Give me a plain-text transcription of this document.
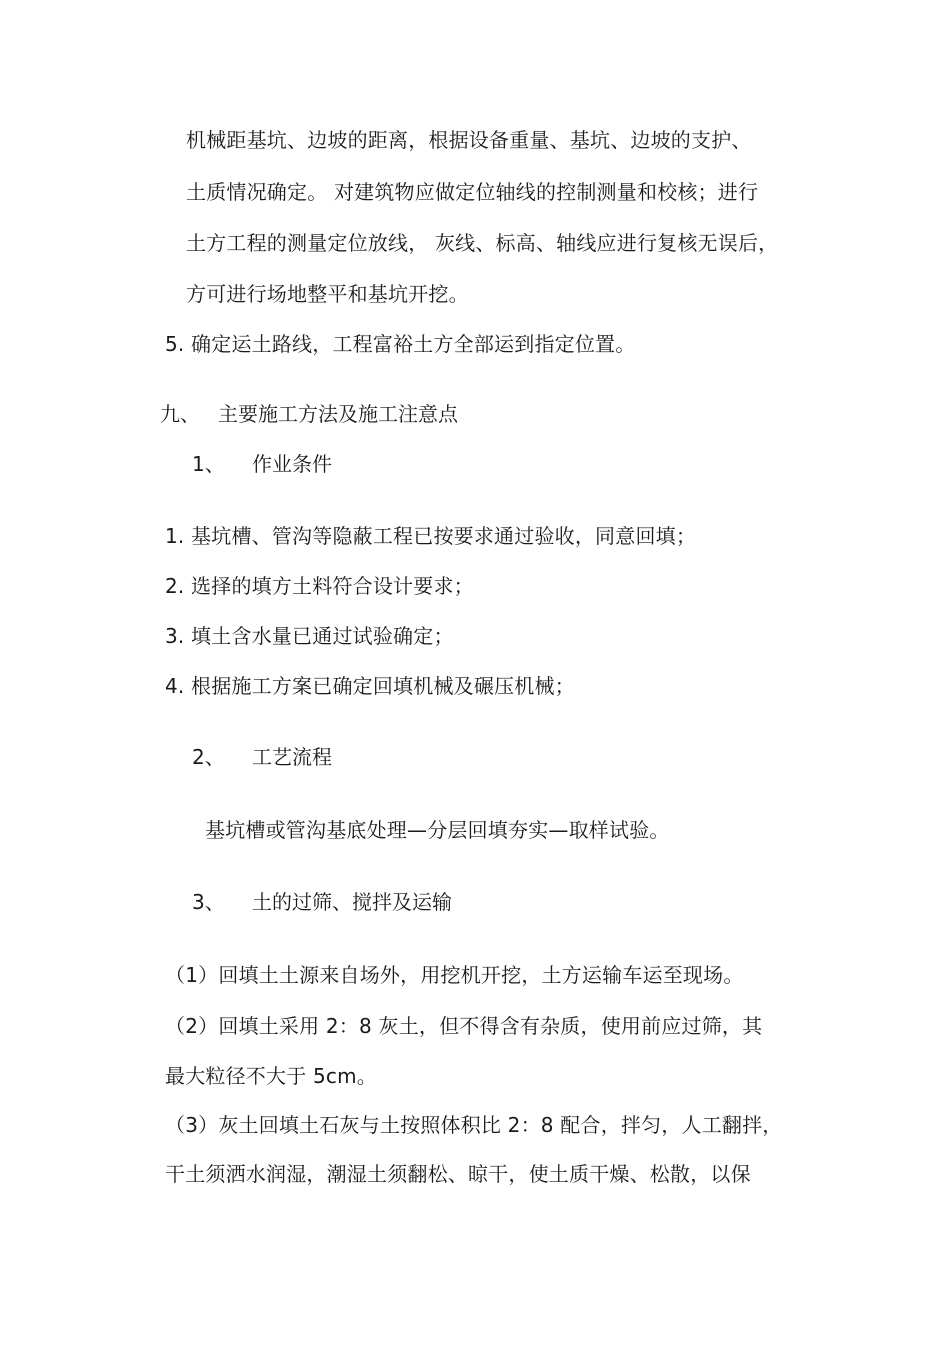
机械距基坑、边坡的距离，根据设备重量、基坑、边坡的支护、
土质情况确定。 对建筑物应做定位轴线的控制测量和校核；进行
土方工程的测量定位放线， 灰线、标高、轴线应进行复核无误后，
方可进行场地整平和基坑开挖。
5. 确定运土路线，工程富裕土方全部运到指定位置。
九、 主要施工方法及施工注意点
1、 作业条件
1. 基坑槽、管沟等隐蔽工程已按要求通过验收，同意回填；
2. 选择的填方土料符合设计要求；
3. 填土含水量已通过试验确定；
4. 根据施工方案已确定回填机械及碾压机械；
2、 工艺流程
基坑槽或管沟基底处理—分层回填夯实—取样试验。
3、 土的过筛、搅拌及运输
（1）回填土土源来自场外，用挖机开挖，土方运输车运至现场。
（2）回填土采用 2：8 灰土，但不得含有杂质，使用前应过筛，其
最大粒径不大于 5cm。
（3）灰土回填土石灰与土按照体积比 2：8 配合，拌匀，人工翻拌，
干土须洒水润湿，潮湿土须翻松、晾干，使土质干燥、松散，以保
